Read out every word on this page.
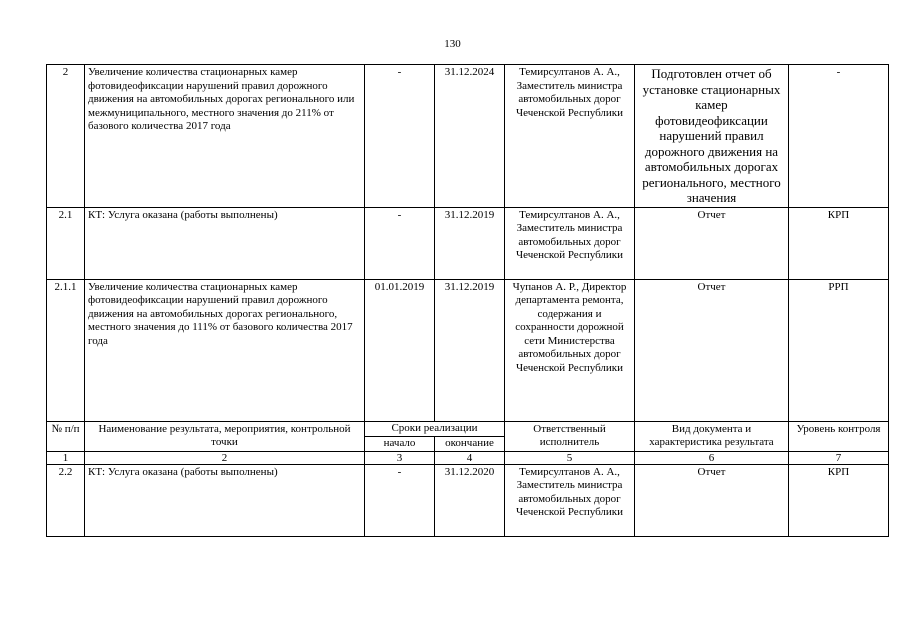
130
2	Увеличение количества стационарных камер фотовидеофиксации нарушений правил дорожного движения на автомобильных дорогах регионального или межмуниципального, местного значения до 211% от базового количества 2017 года	-	31.12.2024	Темирсултанов А. А., Заместитель министра автомобильных дорог Чеченской Республики	Подготовлен отчет об установке стационарных камер фотовидеофиксации нарушений правил дорожного движения на автомобильных дорогах регионального, местного значения	-
2.1	КТ: Услуга оказана (работы выполнены)	-	31.12.2019	Темирсултанов А. А., Заместитель министра автомобильных дорог Чеченской Республики	Отчет	КРП
2.1.1	Увеличение количества стационарных камер фотовидеофиксации нарушений правил дорожного движения на автомобильных дорогах регионального, местного значения до 111% от базового количества 2017 года	01.01.2019	31.12.2019	Чупанов А. Р., Директор департамента ремонта, содержания и сохранности дорожной сети Министерства автомобильных дорог Чеченской Республики	Отчет	РРП
№ п/п	Наименование результата, мероприятия, контрольной точки	Сроки реализации		Ответственный исполнитель	Вид документа и характеристика результата	Уровень контроля
		начало	окончание			
1	2	3	4	5	6	7
2.2	КТ: Услуга оказана (работы выполнены)	-	31.12.2020	Темирсултанов А. А., Заместитель министра автомобильных дорог Чеченской Республики	Отчет	КРП
